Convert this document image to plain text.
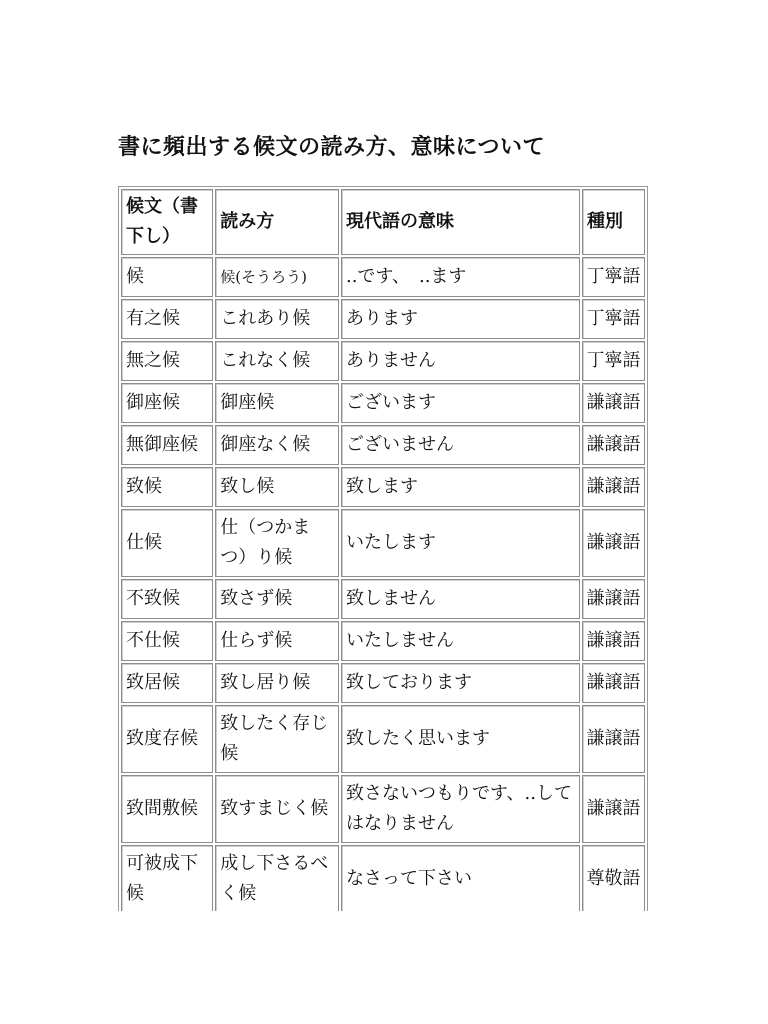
書に頻出する候文の読み方、意味について
候文（書下し）	読み方	現代語の意味	種別
候	候(そうろう)	..です、　..ます	丁寧語
有之候	これあり候	あります	丁寧語
無之候	これなく候	ありません	丁寧語
御座候	御座候	ございます	謙譲語
無御座候	御座なく候	ございません	謙譲語
致候	致し候	致します	謙譲語
仕候	仕（つかまつ）り候	いたします	謙譲語
不致候	致さず候	致しません	謙譲語
不仕候	仕らず候	いたしません	謙譲語
致居候	致し居り候	致しております	謙譲語
致度存候	致したく存じ候	致したく思います	謙譲語
致間敷候	致すまじく候	致さないつもりです、..してはなりません	謙譲語
可被成下候	成し下さるべく候	なさって下さい	尊敬語
